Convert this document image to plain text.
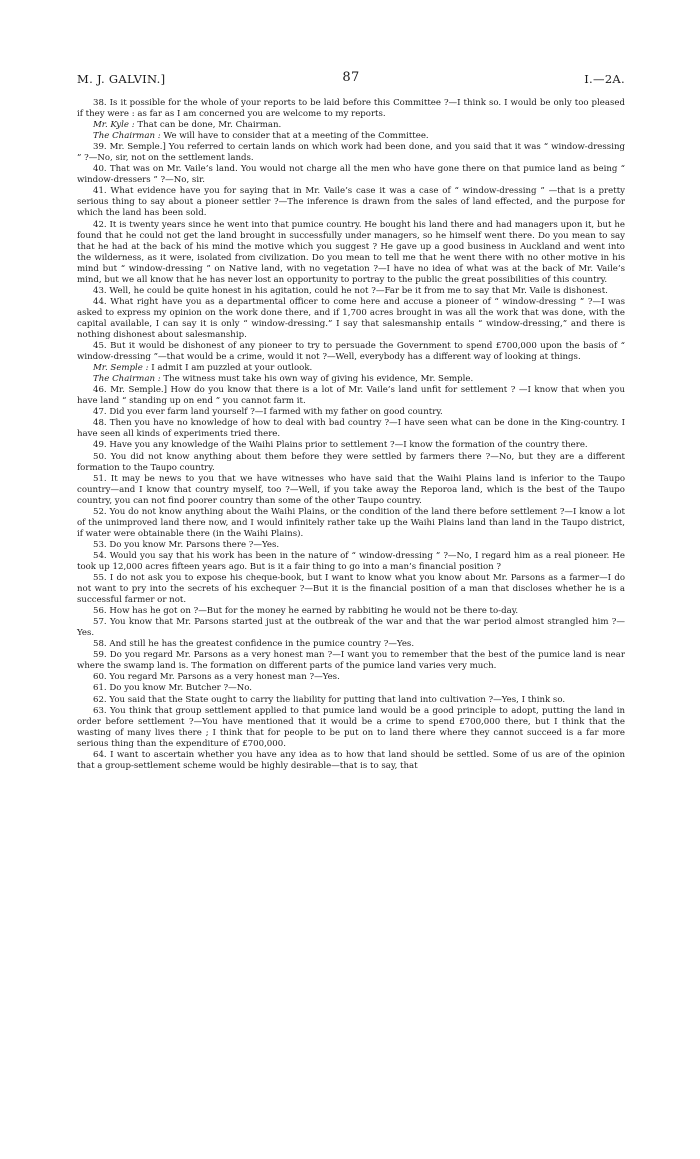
M. J. GALVIN.]	87	I.—2A.

38. Is it possible for the whole of your reports to be laid before this Committee ?—I think so. I would be only too pleased if they were : as far as I am concerned you are welcome to my reports.

Mr. Kyle : That can be done, Mr. Chairman.

The Chairman : We will have to consider that at a meeting of the Committee.

39. Mr. Semple.] You referred to certain lands on which work had been done, and you said that it was “ window-dressing ” ?—No, sir, not on the settlement lands.

40. That was on Mr. Vaile’s land. You would not charge all the men who have gone there on that pumice land as being “ window-dressers ” ?—No, sir.

41. What evidence have you for saying that in Mr. Vaile’s case it was a case of “ window-dressing ” —that is a pretty serious thing to say about a pioneer settler ?—The inference is drawn from the sales of land effected, and the purpose for which the land has been sold.

42. It is twenty years since he went into that pumice country. He bought his land there and had managers upon it, but he found that he could not get the land brought in successfully under managers, so he himself went there. Do you mean to say that he had at the back of his mind the motive which you suggest ? He gave up a good business in Auckland and went into the wilderness, as it were, isolated from civilization. Do you mean to tell me that he went there with no other motive in his mind but “ window-dressing ” on Native land, with no vegetation ?—I have no idea of what was at the back of Mr. Vaile’s mind, but we all know that he has never lost an opportunity to portray to the public the great possibilities of this country.

43. Well, he could be quite honest in his agitation, could he not ?—Far be it from me to say that Mr. Vaile is dishonest.

44. What right have you as a departmental officer to come here and accuse a pioneer of “ window-dressing ” ?—I was asked to express my opinion on the work done there, and if 1,700 acres brought in was all the work that was done, with the capital available, I can say it is only “ window-dressing.” I say that salesmanship entails “ window-dressing,” and there is nothing dishonest about salesmanship.

45. But it would be dishonest of any pioneer to try to persuade the Government to spend £700,000 upon the basis of “ window-dressing ”—that would be a crime, would it not ?—Well, everybody has a different way of looking at things.

Mr. Semple : I admit I am puzzled at your outlook.

The Chairman : The witness must take his own way of giving his evidence, Mr. Semple.

46. Mr. Semple.] How do you know that there is a lot of Mr. Vaile’s land unfit for settlement ? —I know that when you have land “ standing up on end ” you cannot farm it.

47. Did you ever farm land yourself ?—I farmed with my father on good country.

48. Then you have no knowledge of how to deal with bad country ?—I have seen what can be done in the King-country. I have seen all kinds of experiments tried there.

49. Have you any knowledge of the Waihi Plains prior to settlement ?—I know the formation of the country there.

50. You did not know anything about them before they were settled by farmers there ?—No, but they are a different formation to the Taupo country.

51. It may be news to you that we have witnesses who have said that the Waihi Plains land is inferior to the Taupo country—and I know that country myself, too ?—Well, if you take away the Reporoa land, which is the best of the Taupo country, you can not find poorer country than some of the other Taupo country.

52. You do not know anything about the Waihi Plains, or the condition of the land there before settlement ?—I know a lot of the unimproved land there now, and I would infinitely rather take up the Waihi Plains land than land in the Taupo district, if water were obtainable there (in the Waihi Plains).

53. Do you know Mr. Parsons there ?—Yes.

54. Would you say that his work has been in the nature of “ window-dressing ” ?—No, I regard him as a real pioneer. He took up 12,000 acres fifteen years ago. But is it a fair thing to go into a man’s financial position ?

55. I do not ask you to expose his cheque-book, but I want to know what you know about Mr. Parsons as a farmer—I do not want to pry into the secrets of his exchequer ?—But it is the financial position of a man that discloses whether he is a successful farmer or not.

56. How has he got on ?—But for the money he earned by rabbiting he would not be there to-day.

57. You know that Mr. Parsons started just at the outbreak of the war and that the war period almost strangled him ?—Yes.

58. And still he has the greatest confidence in the pumice country ?—Yes.

59. Do you regard Mr. Parsons as a very honest man ?—I want you to remember that the best of the pumice land is near where the swamp land is. The formation on different parts of the pumice land varies very much.

60. You regard Mr. Parsons as a very honest man ?—Yes.

61. Do you know Mr. Butcher ?—No.

62. You said that the State ought to carry the liability for putting that land into cultivation ?—Yes, I think so.

63. You think that group settlement applied to that pumice land would be a good principle to adopt, putting the land in order before settlement ?—You have mentioned that it would be a crime to spend £700,000 there, but I think that the wasting of many lives there ; I think that for people to be put on to land there where they cannot succeed is a far more serious thing than the expenditure of £700,000.

64. I want to ascertain whether you have any idea as to how that land should be settled. Some of us are of the opinion that a group-settlement scheme would be highly desirable—that is to say, that
